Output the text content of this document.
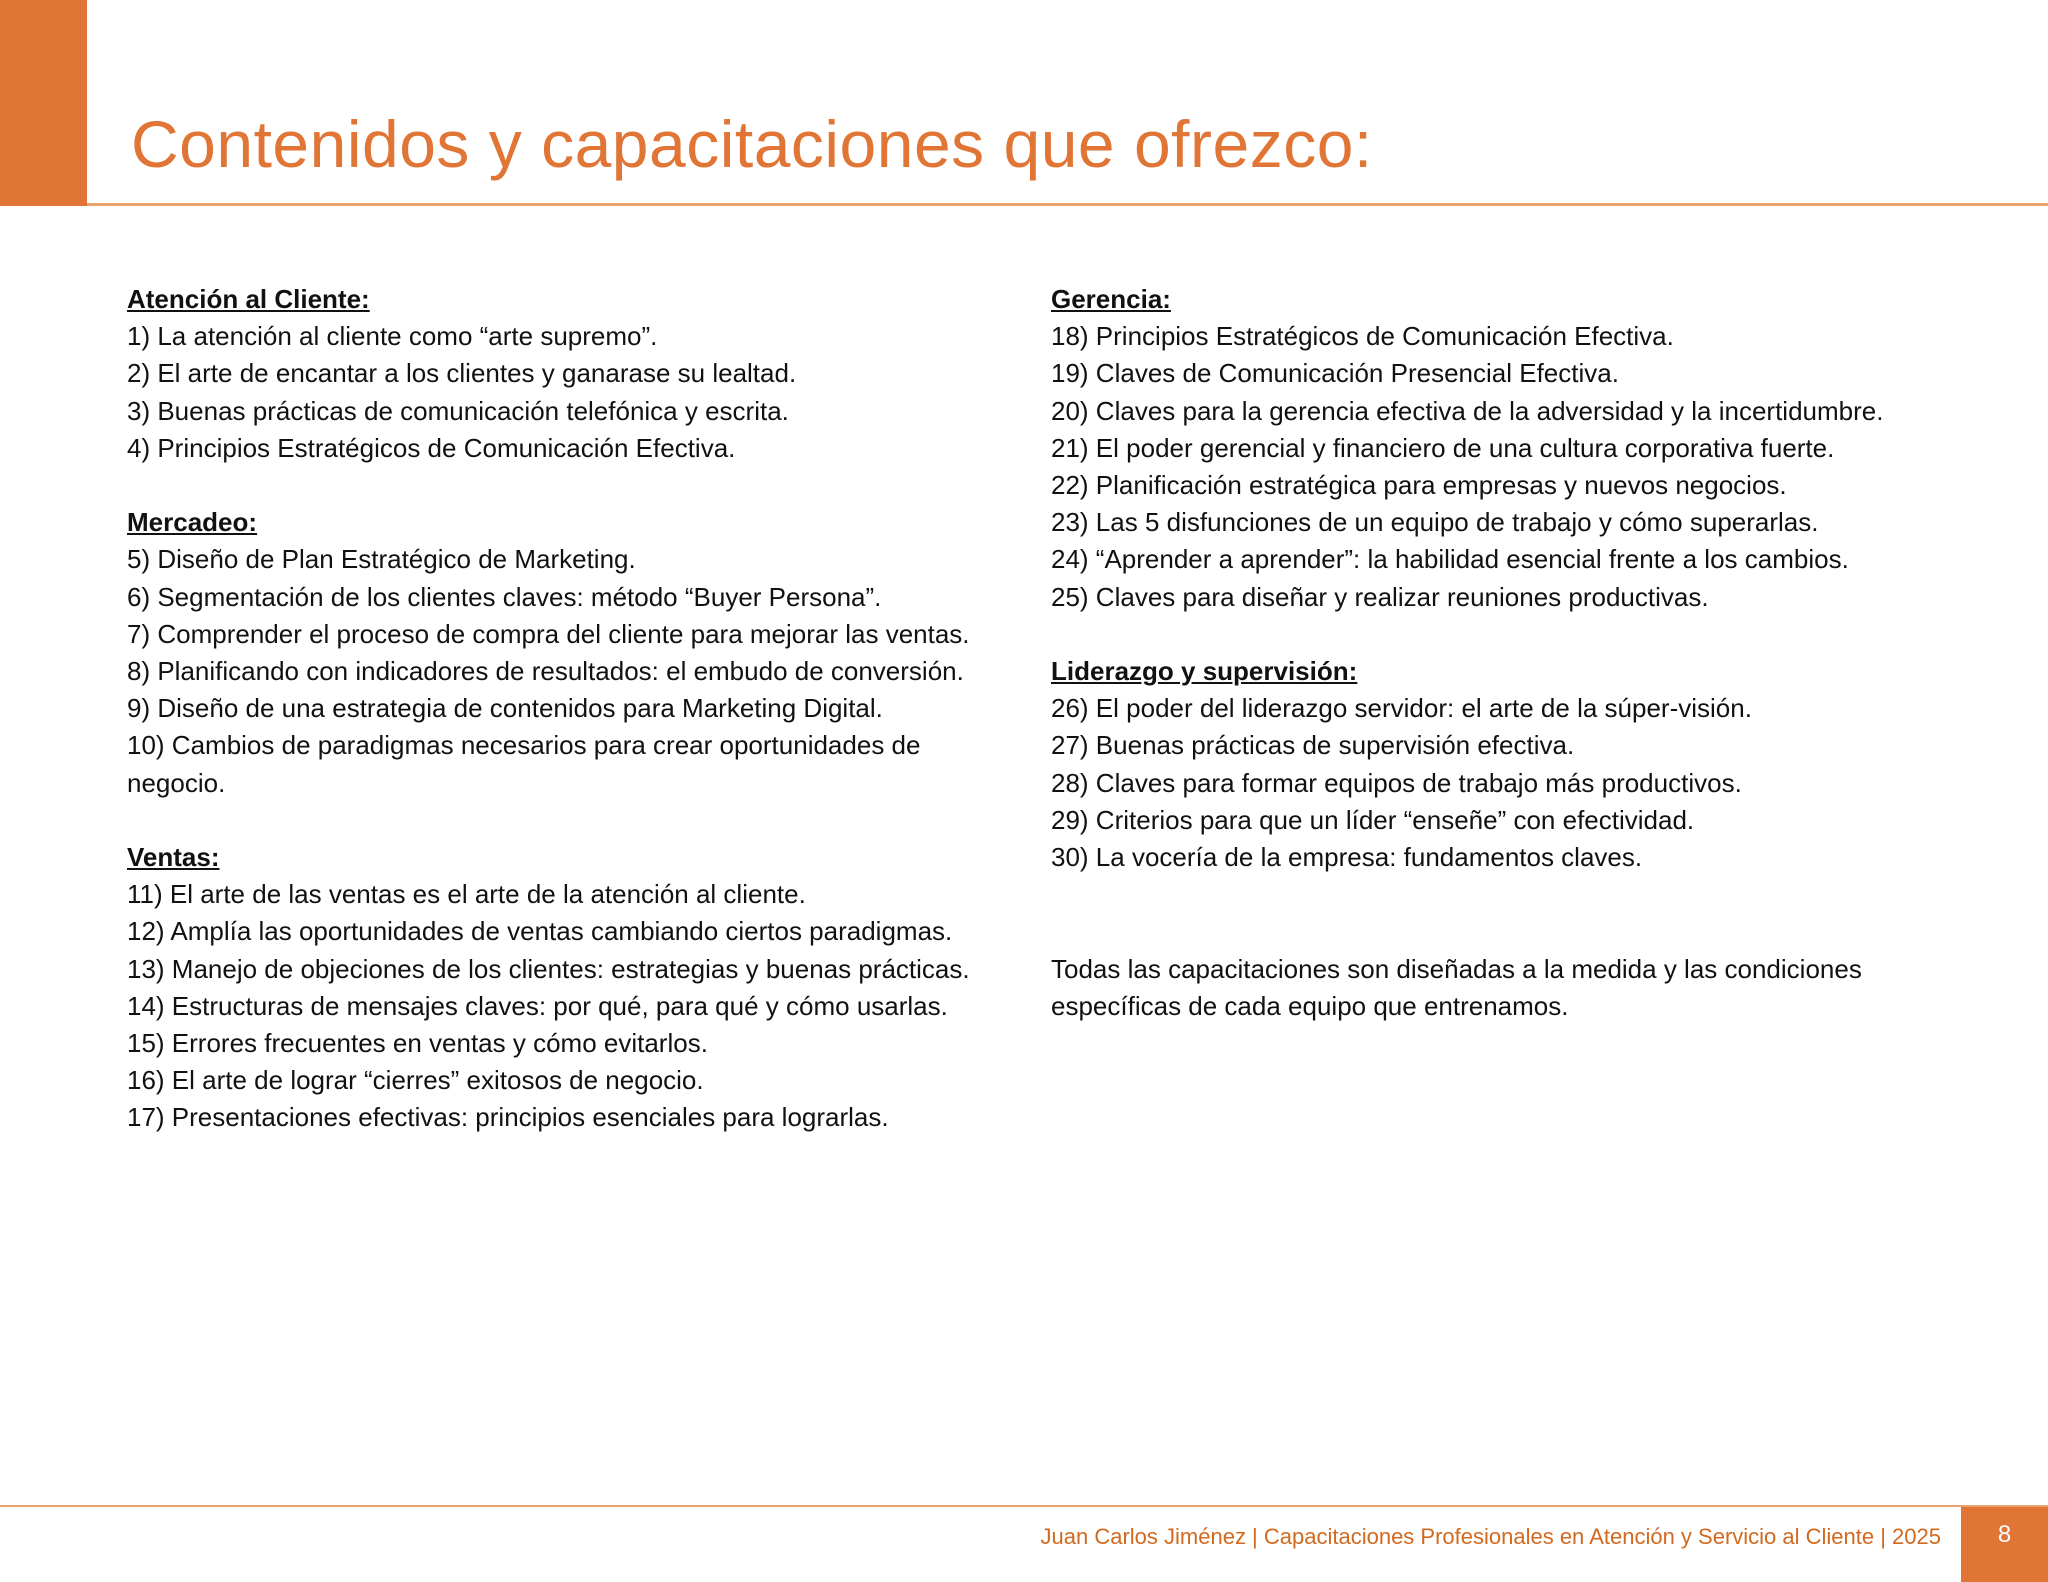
Contenidos y capacitaciones que ofrezco:

Atención al Cliente:

1) La atención al cliente como “arte supremo”.

2) El arte de encantar a los clientes y ganarase su lealtad.

3) Buenas prácticas de comunicación telefónica y escrita.

4) Principios Estratégicos de Comunicación Efectiva.

Mercadeo:

5) Diseño de Plan Estratégico de Marketing.

6) Segmentación de los clientes claves: método “Buyer Persona”.

7) Comprender el proceso de compra del cliente para mejorar las ventas.

8) Planificando con indicadores de resultados: el embudo de conversión.

9) Diseño de una estrategia de contenidos para Marketing Digital.

10) Cambios de paradigmas necesarios para crear oportunidades de negocio.

Ventas:

11) El arte de las ventas es el arte de la atención al cliente.

12) Amplía las oportunidades de ventas cambiando ciertos paradigmas.

13) Manejo de objeciones de los clientes: estrategias y buenas prácticas.

14) Estructuras de mensajes claves: por qué, para qué y cómo usarlas.

15) Errores frecuentes en ventas y cómo evitarlos.

16) El arte de lograr “cierres” exitosos de negocio.

17) Presentaciones efectivas: principios esenciales para lograrlas.

Gerencia:

18) Principios Estratégicos de Comunicación Efectiva.

19) Claves de Comunicación Presencial Efectiva.

20) Claves para la gerencia efectiva de la adversidad y la incertidumbre.

21) El poder gerencial y financiero de una cultura corporativa fuerte.

22) Planificación estratégica para empresas y nuevos negocios.

23) Las 5 disfunciones de un equipo de trabajo y cómo superarlas.

24) “Aprender a aprender”: la habilidad esencial frente a los cambios.

25) Claves para diseñar y realizar reuniones productivas.

Liderazgo y supervisión:

26) El poder del liderazgo servidor: el arte de la súper-visión.

27) Buenas prácticas de supervisión efectiva.

28) Claves para formar equipos de trabajo más productivos.

29) Criterios para que un líder “enseñe” con efectividad.

30) La vocería de la empresa: fundamentos claves.

Todas las capacitaciones son diseñadas a la medida y las condiciones específicas de cada equipo que entrenamos.

Juan Carlos Jiménez | Capacitaciones Profesionales en Atención y Servicio al Cliente | 2025	8
